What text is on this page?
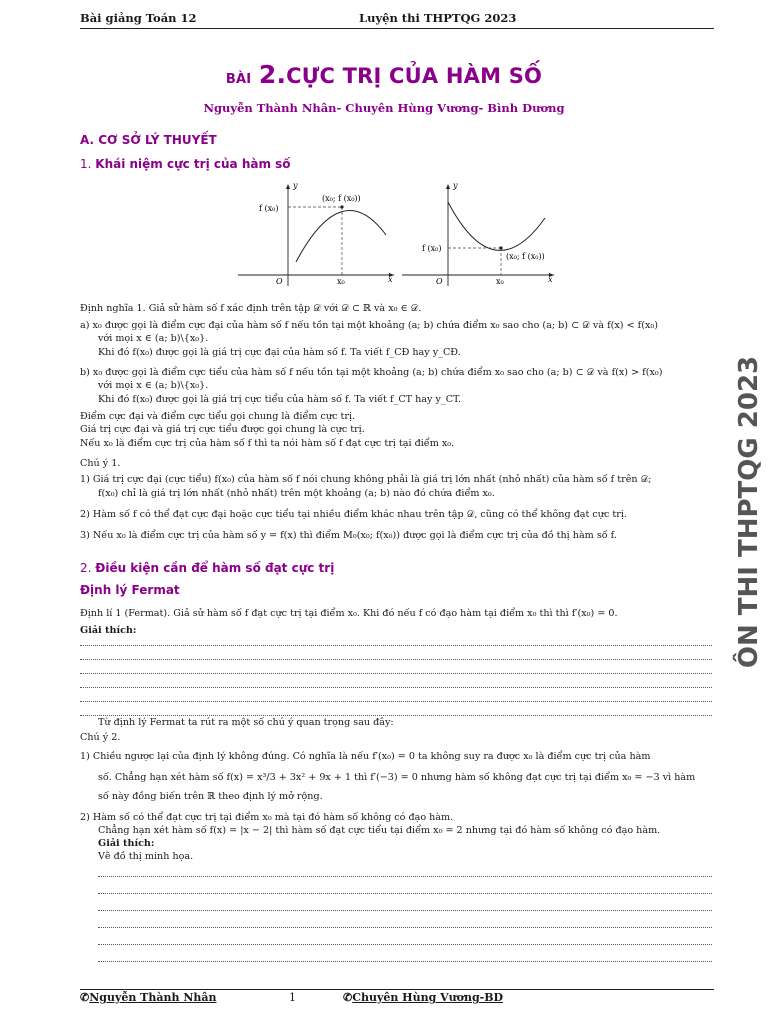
Bài giảng Toán 12	Luyện thi THPTQG 2023
BÀI 2.CỰC TRỊ CỦA HÀM SỐ
Nguyễn Thành Nhân- Chuyên Hùng Vương- Bình Dương
A. CƠ SỞ LÝ THUYẾT
1. Khái niệm cực trị của hàm số
y
x
O
f (x₀)
(x₀; f (x₀))
x₀
y
x
O
f (x₀)
(x₀; f (x₀))
x₀
Định nghĩa 1. Giả sử hàm số f xác định trên tập 𝒟 với 𝒟 ⊂ ℝ và x₀ ∈ 𝒟.
a) x₀ được gọi là điểm cực đại của hàm số f nếu tồn tại một khoảng (a; b) chứa điểm x₀ sao cho (a; b) ⊂ 𝒟 và f(x) < f(x₀)
với mọi x ∈ (a; b)\{x₀}.
Khi đó f(x₀) được gọi là giá trị cực đại của hàm số f. Ta viết f_CĐ hay y_CĐ.
b) x₀ được gọi là điểm cực tiểu của hàm số f nếu tồn tại một khoảng (a; b) chứa điểm x₀ sao cho (a; b) ⊂ 𝒟 và f(x) > f(x₀)
với mọi x ∈ (a; b)\{x₀}.
Khi đó f(x₀) được gọi là giá trị cực tiểu của hàm số f. Ta viết f_CT hay y_CT.
Điểm cực đại và điểm cực tiểu gọi chung là điểm cực trị.
Giá trị cực đại và giá trị cực tiểu được gọi chung là cực trị.
Nếu x₀ là điểm cực trị của hàm số f thì ta nói hàm số f đạt cực trị tại điểm x₀.
Chú ý 1.
1) Giá trị cực đại (cực tiểu) f(x₀) của hàm số f nói chung không phải là giá trị lớn nhất (nhỏ nhất) của hàm số f trên 𝒟;
f(x₀) chỉ là giá trị lớn nhất (nhỏ nhất) trên một khoảng (a; b) nào đó chứa điểm x₀.
2) Hàm số f có thể đạt cực đại hoặc cực tiểu tại nhiều điểm khác nhau trên tập 𝒟, cũng có thể không đạt cực trị.
3) Nếu x₀ là điểm cực trị của hàm số y = f(x) thì điểm M₀(x₀; f(x₀)) được gọi là điểm cực trị của đồ thị hàm số f.
2. Điều kiện cần để hàm số đạt cực trị
Định lý Fermat
Định lí 1 (Fermat). Giả sử hàm số f đạt cực trị tại điểm x₀. Khi đó nếu f có đạo hàm tại điểm x₀ thì thì f′(x₀) = 0.
Giải thích:
Từ định lý Fermat ta rút ra một số chú ý quan trọng sau đây:
Chú ý 2.
1) Chiều ngược lại của định lý không đúng. Có nghĩa là nếu f′(x₀) = 0 ta không suy ra được x₀ là điểm cực trị của hàm
số. Chẳng hạn xét hàm số f(x) = x³/3 + 3x² + 9x + 1 thì f′(−3) = 0 nhưng hàm số không đạt cực trị tại điểm x₀ = −3 vì hàm
số này đồng biến trên ℝ theo định lý mở rộng.
2) Hàm số có thể đạt cực trị tại điểm x₀ mà tại đó hàm số không có đạo hàm.
Chẳng hạn xét hàm số f(x) = |x − 2| thì hàm số đạt cực tiểu tại điểm x₀ = 2 nhưng tại đó hàm số không có đạo hàm.
Giải thích:
Vẽ đồ thị minh họa.
ÔN THI THPTQG 2023
✆Nguyễn Thành Nhân	1	✆Chuyên Hùng Vương-BD
